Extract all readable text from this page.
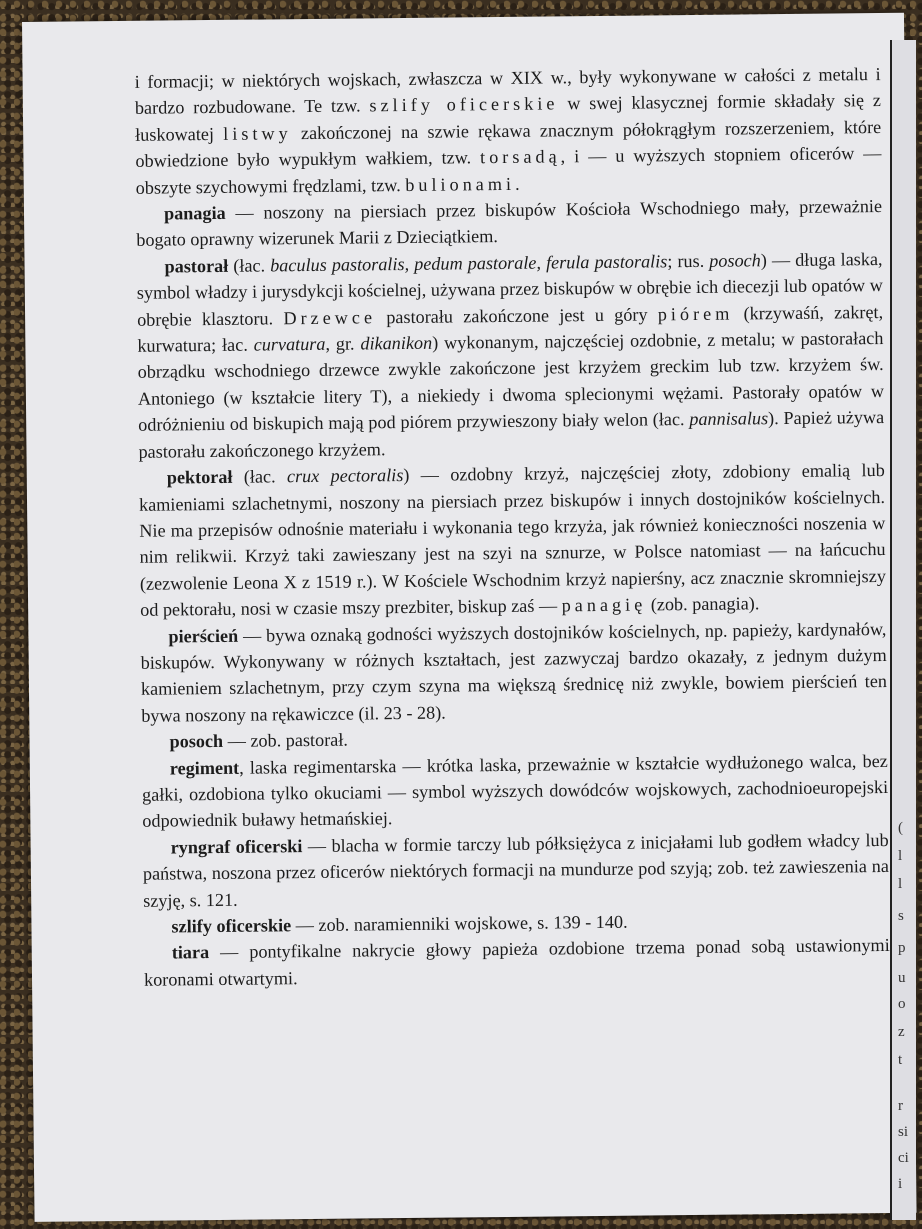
i formacji; w niektórych wojskach, zwłaszcza w XIX w., były wykonywane w całości z metalu i bardzo rozbudowane. Te tzw. szlify oficerskie w swej klasycznej formie składały się z łuskowatej listwy zakończonej na szwie rękawa znacznym półokrągłym rozszerzeniem, które obwiedzione było wypukłym wałkiem, tzw. torsadą, i — u wyższych stopniem oficerów — obszyte szychowymi frędzlami, tzw. bulionami.

panagia — noszony na piersiach przez biskupów Kościoła Wschodniego mały, przeważnie bogato oprawny wizerunek Marii z Dzieciątkiem.

pastorał (łac. baculus pastoralis, pedum pastorale, ferula pastoralis; rus. posoch) — długa laska, symbol władzy i jurysdykcji kościelnej, używana przez biskupów w obrębie ich diecezji lub opatów w obrębie klasztoru. Drzewce pastorału zakończone jest u góry piórem (krzywaśń, zakręt, kurwatura; łac. curvatura, gr. dikanikon) wykonanym, najczęściej ozdobnie, z metalu; w pastorałach obrządku wschodniego drzewce zwykle zakończone jest krzyżem greckim lub tzw. krzyżem św. Antoniego (w kształcie litery T), a niekiedy i dwoma splecionymi wężami. Pastorały opatów w odróżnieniu od biskupich mają pod piórem przywieszony biały welon (łac. pannisalus). Papież używa pastorału zakończonego krzyżem.

pektorał (łac. crux pectoralis) — ozdobny krzyż, najczęściej złoty, zdobiony emalią lub kamieniami szlachetnymi, noszony na piersiach przez biskupów i innych dostojników kościelnych. Nie ma przepisów odnośnie materiału i wykonania tego krzyża, jak również konieczności noszenia w nim relikwii. Krzyż taki zawieszany jest na szyi na sznurze, w Polsce natomiast — na łańcuchu (zezwolenie Leona X z 1519 r.). W Kościele Wschodnim krzyż napierśny, acz znacznie skromniejszy od pektorału, nosi w czasie mszy prezbiter, biskup zaś — panagię (zob. panagia).

pierścień — bywa oznaką godności wyższych dostojników kościelnych, np. papieży, kardynałów, biskupów. Wykonywany w różnych kształtach, jest zazwyczaj bardzo okazały, z jednym dużym kamieniem szlachetnym, przy czym szyna ma większą średnicę niż zwykle, bowiem pierścień ten bywa noszony na rękawiczce (il. 23 - 28).

posoch — zob. pastorał.

regiment, laska regimentarska — krótka laska, przeważnie w kształcie wydłużonego walca, bez gałki, ozdobiona tylko okuciami — symbol wyższych dowódców wojskowych, zachodnioeuropejski odpowiednik buławy hetmańskiej.

ryngraf oficerski — blacha w formie tarczy lub półksiężyca z inicjałami lub godłem władcy lub państwa, noszona przez oficerów niektórych formacji na mundurze pod szyją; zob. też zawieszenia na szyję, s. 121.

szlify oficerskie — zob. naramienniki wojskowe, s. 139 - 140.

tiara — pontyfikalne nakrycie głowy papieża ozdobione trzema ponad sobą ustawionymi koronami otwartymi.

(
l
l
s
p
u
o
z
t
r
si
ci
i
